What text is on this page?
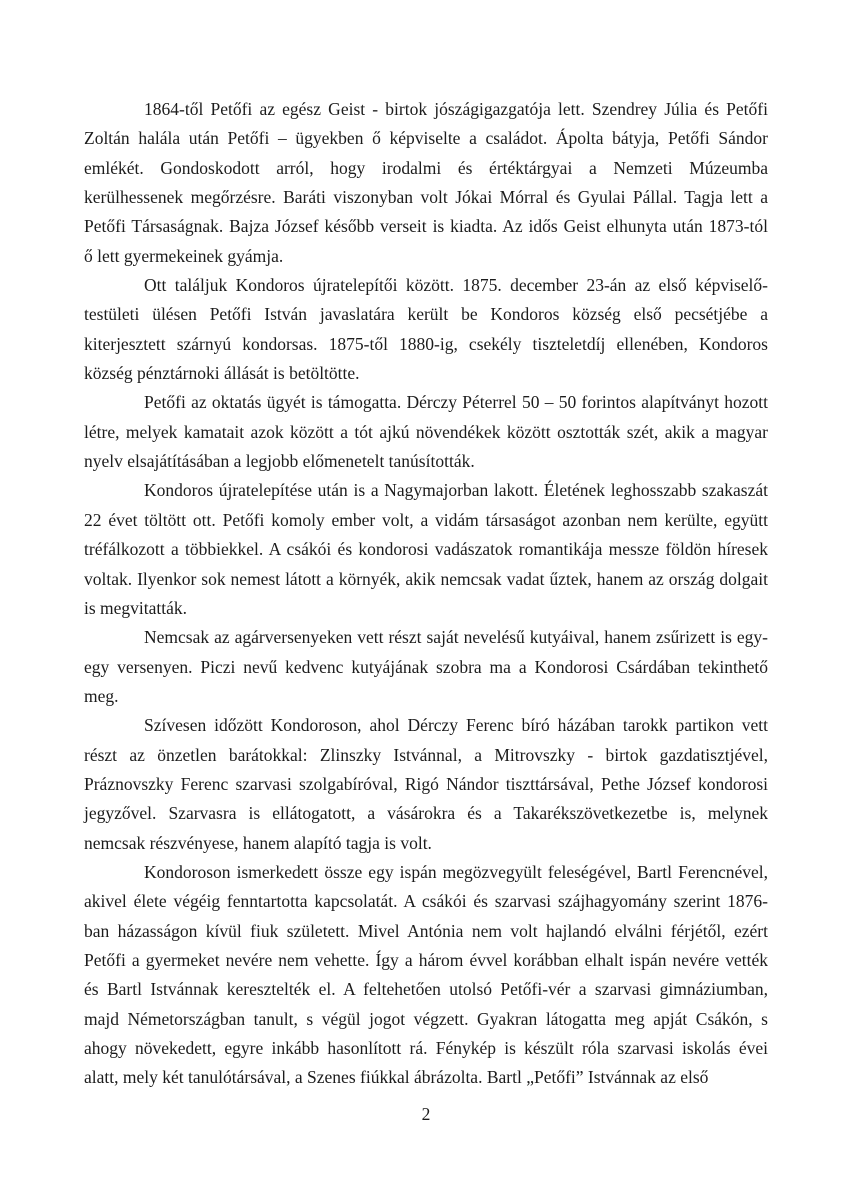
1864-től Petőfi az egész Geist - birtok jószágigazgatója lett. Szendrey Júlia és Petőfi
Zoltán halála után Petőfi – ügyekben ő képviselte a családot. Ápolta bátyja, Petőfi Sándor
emlékét. Gondoskodott arról, hogy irodalmi és értéktárgyai a Nemzeti Múzeumba
kerülhessenek megőrzésre. Baráti viszonyban volt Jókai Mórral és Gyulai Pállal. Tagja lett a
Petőfi Társaságnak. Bajza József később verseit is kiadta. Az idős Geist elhunyta után 1873-tól
ő lett gyermekeinek gyámja.

Ott találjuk Kondoros újratelepítői között. 1875. december 23-án az első képviselő-
testületi ülésen Petőfi István javaslatára került be Kondoros község első pecsétjébe a
kiterjesztett szárnyú kondorsas. 1875-től 1880-ig, csekély tiszteletdíj ellenében, Kondoros
község pénztárnoki állását is betöltötte.

Petőfi az oktatás ügyét is támogatta. Dérczy Péterrel 50 – 50 forintos alapítványt hozott
létre, melyek kamatait azok között a tót ajkú növendékek között osztották szét, akik a magyar
nyelv elsajátításában a legjobb előmenetelt tanúsították.

Kondoros újratelepítése után is a Nagymajorban lakott. Életének leghosszabb szakaszát
22 évet töltött ott. Petőfi komoly ember volt, a vidám társaságot azonban nem kerülte, együtt
tréfálkozott a többiekkel. A csákói és kondorosi vadászatok romantikája messze földön híresek
voltak. Ilyenkor sok nemest látott a környék, akik nemcsak vadat űztek, hanem az ország dolgait
is megvitatták.

Nemcsak az agárversenyeken vett részt saját nevelésű kutyáival, hanem zsűrizett is egy-
egy versenyen. Piczi nevű kedvenc kutyájának szobra ma a Kondorosi Csárdában tekinthető
meg.

Szívesen időzött Kondoroson, ahol Dérczy Ferenc bíró házában tarokk partikon vett
részt az önzetlen barátokkal: Zlinszky Istvánnal, a Mitrovszky - birtok gazdatisztjével,
Práznovszky Ferenc szarvasi szolgabíróval, Rigó Nándor tiszttársával, Pethe József kondorosi
jegyzővel. Szarvasra is ellátogatott, a vásárokra és a Takarékszövetkezetbe is, melynek
nemcsak részvényese, hanem alapító tagja is volt.

Kondoroson ismerkedett össze egy ispán megözvegyült feleségével, Bartl Ferencnével,
akivel élete végéig fenntartotta kapcsolatát. A csákói és szarvasi szájhagyomány szerint 1876-
ban házasságon kívül fiuk született. Mivel Antónia nem volt hajlandó elválni férjétől, ezért
Petőfi a gyermeket nevére nem vehette. Így a három évvel korábban elhalt ispán nevére vették
és Bartl Istvánnak keresztelték el. A feltehetően utolsó Petőfi-vér a szarvasi gimnáziumban,
majd Németországban tanult, s végül jogot végzett. Gyakran látogatta meg apját Csákón, s
ahogy növekedett, egyre inkább hasonlított rá. Fénykép is készült róla szarvasi iskolás évei
alatt, mely két tanulótársával, a Szenes fiúkkal ábrázolta. Bartl „Petőfi” Istvánnak az első

2
